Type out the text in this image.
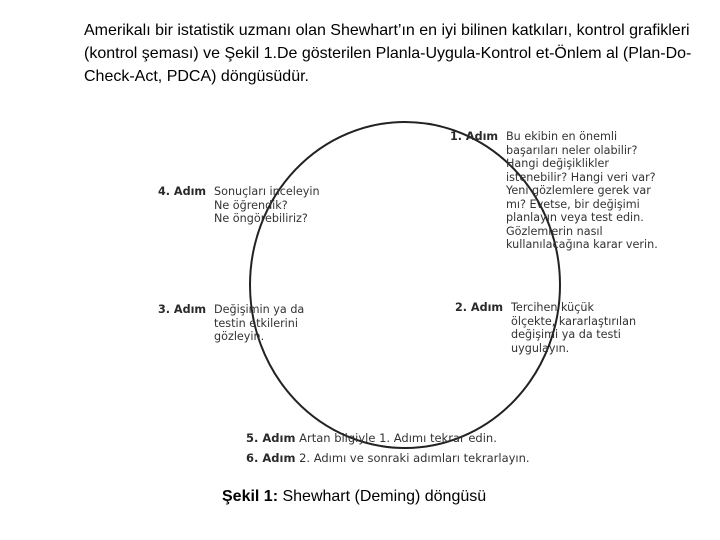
Amerikalı bir istatistik uzmanı olan Shewhart’ın en iyi bilinen katkıları, kontrol grafikleri (kontrol şeması) ve Şekil 1.De gösterilen Planla-Uygula-Kontrol et-Önlem al (Plan-Do-Check-Act, PDCA) döngüsüdür.
1. Adım Bu ekibin en önemli
başarıları neler olabilir?
Hangi değişiklikler
istenebilir? Hangi veri var?
Yeni gözlemlere gerek var
mı? Evetse, bir değişimi
planlayın veya test edin.
Gözlemlerin nasıl
kullanılacağına karar verin.
4. Adım Sonuçları inceleyin
Ne öğrendik?
Ne öngörebiliriz?
2. Adım Tercihen küçük
ölçekte, kararlaştırılan
değişimi ya da testi
uygulayın.
3. Adım Değişimin ya da
testin etkilerini
gözleyin.
5. Adım Artan bilgiyle 1. Adımı tekrar edin.
6. Adım 2. Adımı ve sonraki adımları tekrarlayın.
Şekil 1: Shewhart (Deming) döngüsü
